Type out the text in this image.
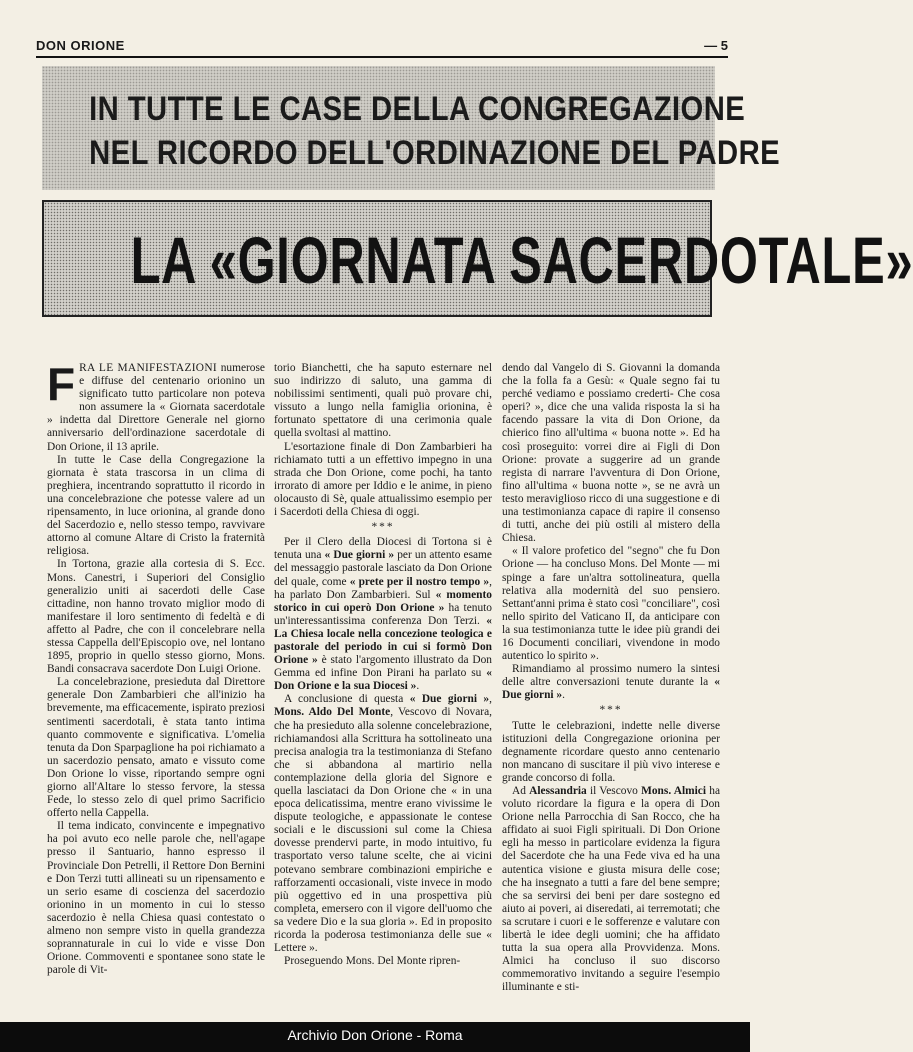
DON ORIONE	— 5
IN TUTTE LE CASE DELLA CONGREGAZIONE
NEL RICORDO DELL'ORDINAZIONE DEL PADRE
LA «GIORNATA SACERDOTALE»

FRA LE MANIFESTAZIONI numerose e diffuse del centenario orionino un significato tutto particolare non poteva non assumere la « Giornata sacerdotale » indetta dal Direttore Generale nel giorno anniversario dell'ordinazione sacerdotale di Don Orione, il 13 aprile.

In tutte le Case della Congregazione la giornata è stata trascorsa in un clima di preghiera, incentrando soprattutto il ricordo in una concelebrazione che potesse valere ad un ripensamento, in luce orionina, al grande dono del Sacerdozio e, nello stesso tempo, ravvivare attorno al comune Altare di Cristo la fraternità religiosa.

In Tortona, grazie alla cortesia di S. Ecc. Mons. Canestri, i Superiori del Consiglio generalizio uniti ai sacerdoti delle Case cittadine, non hanno trovato miglior modo di manifestare il loro sentimento di fedeltà e di affetto al Padre, che con il concelebrare nella stessa Cappella dell'Episcopio ove, nel lontano 1895, proprio in quello stesso giorno, Mons. Bandi consacrava sacerdote Don Luigi Orione.

La concelebrazione, presieduta dal Direttore generale Don Zambarbieri che all'inizio ha brevemente, ma efficacemente, ispirato preziosi sentimenti sacerdotali, è stata tanto intima quanto commovente e significativa. L'omelia tenuta da Don Sparpaglione ha poi richiamato a un sacerdozio pensato, amato e vissuto come Don Orione lo visse, riportando sempre ogni giorno all'Altare lo stesso fervore, la stessa Fede, lo stesso zelo di quel primo Sacrificio offerto nella Cappella.

Il tema indicato, convincente e impegnativo ha poi avuto eco nelle parole che, nell'agape presso il Santuario, hanno espresso il Provinciale Don Petrelli, il Rettore Don Bernini e Don Terzi tutti allineati su un ripensamento e un serio esame di coscienza del sacerdozio orionino in un momento in cui lo stesso sacerdozio è nella Chiesa quasi contestato o almeno non sempre visto in quella grandezza soprannaturale in cui lo vide e visse Don Orione. Commoventi e spontanee sono state le parole di Vit-

torio Bianchetti, che ha saputo esternare nel suo indirizzo di saluto, una gamma di nobilissimi sentimenti, quali può provare chi, vissuto a lungo nella famiglia orionina, è fortunato spettatore di una cerimonia quale quella svoltasi al mattino.

L'esortazione finale di Don Zambarbieri ha richiamato tutti a un effettivo impegno in una strada che Don Orione, come pochi, ha tanto irrorato di amore per Iddio e le anime, in pieno olocausto di Sè, quale attualissimo esempio per i Sacerdoti della Chiesa di oggi.

***

Per il Clero della Diocesi di Tortona si è tenuta una « Due giorni » per un attento esame del messaggio pastorale lasciato da Don Orione del quale, come « prete per il nostro tempo », ha parlato Don Zambarbieri. Sul « momento storico in cui operò Don Orione » ha tenuto un'interessantissima conferenza Don Terzi. « La Chiesa locale nella concezione teologica e pastorale del periodo in cui si formò Don Orione » è stato l'argomento illustrato da Don Gemma ed infine Don Pirani ha parlato su « Don Orione e la sua Diocesi ».

A conclusione di questa « Due giorni », Mons. Aldo Del Monte, Vescovo di Novara, che ha presieduto alla solenne concelebrazione, richiamandosi alla Scrittura ha sottolineato una precisa analogia tra la testimonianza di Stefano che si abbandona al martirio nella contemplazione della gloria del Signore e quella lasciataci da Don Orione che « in una epoca delicatissima, mentre erano vivissime le dispute teologiche, e appassionate le contese sociali e le discussioni sul come la Chiesa dovesse prendervi parte, in modo intuitivo, fu trasportato verso talune scelte, che ai vicini potevano sembrare combinazioni empiriche e rafforzamenti occasionali, viste invece in modo più oggettivo ed in una prospettiva più completa, emersero con il vigore dell'uomo che sa vedere Dio e la sua gloria ». Ed in proposito ricorda la poderosa testimonianza delle sue « Lettere ».

Proseguendo Mons. Del Monte ripren-

dendo dal Vangelo di S. Giovanni la domanda che la folla fa a Gesù: « Quale segno fai tu perché vediamo e possiamo crederti- Che cosa operi? », dice che una valida risposta la si ha facendo passare la vita di Don Orione, da chierico fino all'ultima « buona notte ». Ed ha così proseguito: vorrei dire ai Figli di Don Orione: provate a suggerire ad un grande regista di narrare l'avventura di Don Orione, fino all'ultima « buona notte », se ne avrà un testo meraviglioso ricco di una suggestione e di una testimonianza capace di rapire il consenso di tutti, anche dei più ostili al mistero della Chiesa.

« Il valore profetico del "segno" che fu Don Orione — ha concluso Mons. Del Monte — mi spinge a fare un'altra sottolineatura, quella relativa alla modernità del suo pensiero. Settant'anni prima è stato così "conciliare", così nello spirito del Vaticano II, da anticipare con la sua testimonianza tutte le idee più grandi dei 16 Documenti conciliari, vivendone in modo autentico lo spirito ».

Rimandiamo al prossimo numero la sintesi delle altre conversazioni tenute durante la « Due giorni ».

***

Tutte le celebrazioni, indette nelle diverse istituzioni della Congregazione orionina per degnamente ricordare questo anno centenario non mancano di suscitare il più vivo interese e grande concorso di folla.

Ad Alessandria il Vescovo Mons. Almici ha voluto ricordare la figura e la opera di Don Orione nella Parrocchia di San Rocco, che ha affidato ai suoi Figli spirituali. Di Don Orione egli ha messo in particolare evidenza la figura del Sacerdote che ha una Fede viva ed ha una autentica visione e giusta misura delle cose; che ha insegnato a tutti a fare del bene sempre; che sa servirsi dei beni per dare sostegno ed aiuto ai poveri, ai diseredati, ai terremotati; che sa scrutare i cuori e le sofferenze e valutare con libertà le idee degli uomini; che ha affidato tutta la sua opera alla Provvidenza. Mons. Almici ha concluso il suo discorso commemorativo invitando a seguire l'esempio illuminante e sti-

Archivio Don Orione - Roma
